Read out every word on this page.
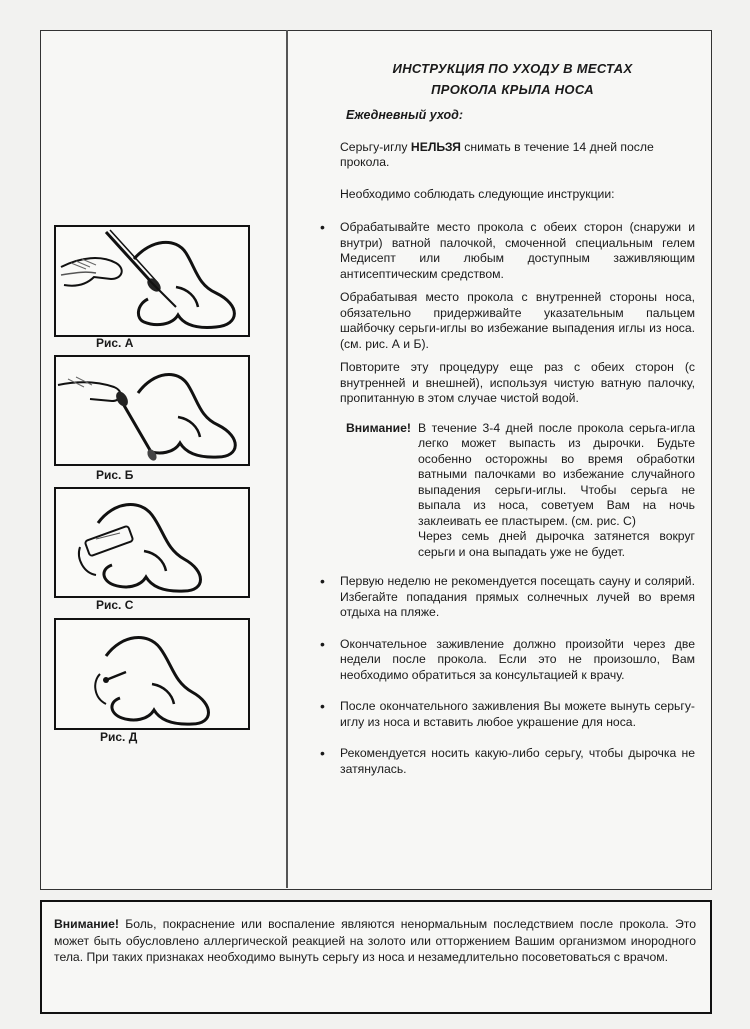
Рис. А
Рис. Б
Рис. С
Рис. Д
ИНСТРУКЦИЯ ПО УХОДУ В МЕСТАХ
ПРОКОЛА КРЫЛА НОСА
Ежедневный уход:

Серьгу-иглу НЕЛЬЗЯ снимать в течение 14 дней после прокола.

Необходимо соблюдать следующие инструкции:

• Обрабатывайте место прокола с обеих сторон (снаружи и внутри) ватной палочкой, смоченной специальным гелем Медисепт или любым доступным заживляющим антисептическим средством.

Обрабатывая место прокола с внутренней стороны носа, обязательно придерживайте указательным пальцем шайбочку серьги-иглы во избежание выпадения иглы из носа. (см. рис. А и Б).

Повторите эту процедуру еще раз с обеих сторон (с внутренней и внешней), используя чистую ватную палочку, пропитанную в этом случае чистой водой.

Внимание! В течение 3-4 дней после прокола серьга-игла легко может выпасть из дырочки. Будьте особенно осторожны во время обработки ватными палочками во избежание случайного выпадения серьги-иглы. Чтобы серьга не выпала из носа, советуем Вам на ночь заклеивать ее пластырем. (см. рис. С)

Через семь дней дырочка затянется вокруг серьги и она выпадать уже не будет.

• Первую неделю не рекомендуется посещать сауну и солярий. Избегайте попадания прямых солнечных лучей во время отдыха на пляже.

• Окончательное заживление должно произойти через две недели после прокола. Если это не произошло, Вам необходимо обратиться за консультацией к врачу.

• После окончательного заживления Вы можете вынуть серьгу-иглу из носа и вставить любое украшение для носа.

• Рекомендуется носить какую-либо серьгу, чтобы дырочка не затянулась.

Внимание! Боль, покраснение или воспаление являются ненормальным последствием после прокола. Это может быть обусловлено аллергической реакцией на золото или отторжением Вашим организмом инородного тела. При таких признаках необходимо вынуть серьгу из носа и незамедлительно посоветоваться с врачом.
